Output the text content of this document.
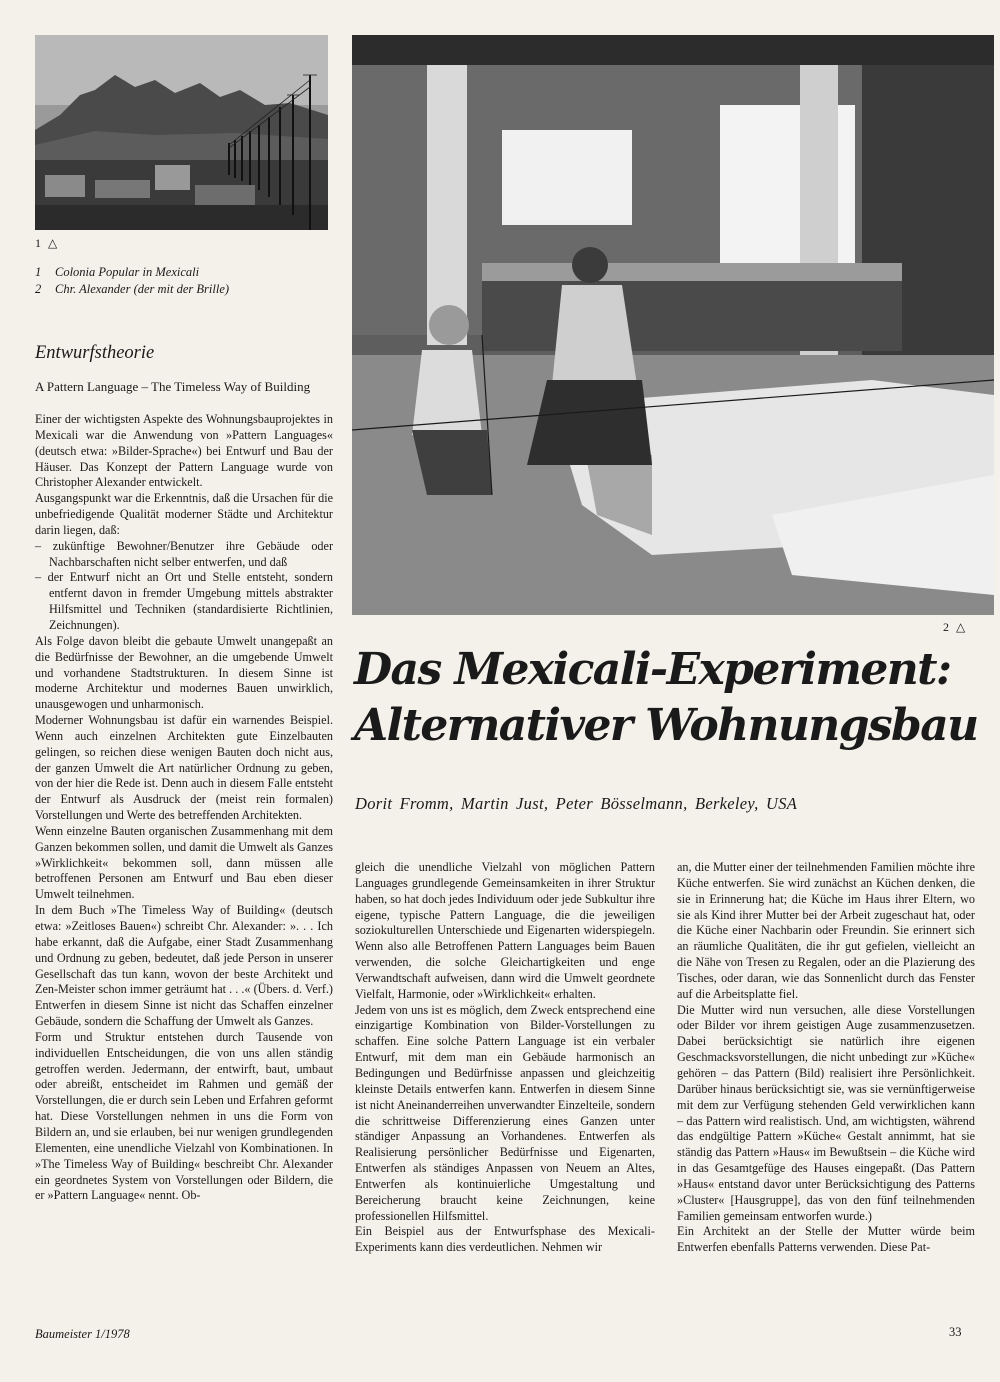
1 △
2 △
1 Colonia Popular in Mexicali
2 Chr. Alexander (der mit der Brille)
Entwurfstheorie
A Pattern Language – The Timeless Way of Building

Einer der wichtigsten Aspekte des Wohnungsbauprojektes in Mexicali war die Anwendung von »Pattern Languages« (deutsch etwa: »Bilder-Sprache«) bei Entwurf und Bau der Häuser. Das Konzept der Pattern Language wurde von Christopher Alexander entwickelt.

Ausgangspunkt war die Erkenntnis, daß die Ursachen für die unbefriedigende Qualität moderner Städte und Architektur darin liegen, daß:

– zukünftige Bewohner/Benutzer ihre Gebäude oder Nachbarschaften nicht selber entwerfen, und daß

– der Entwurf nicht an Ort und Stelle entsteht, sondern entfernt davon in fremder Umgebung mittels abstrakter Hilfsmittel und Techniken (standardisierte Richtlinien, Zeichnungen).

Als Folge davon bleibt die gebaute Umwelt unangepaßt an die Bedürfnisse der Bewohner, an die umgebende Umwelt und vorhandene Stadtstrukturen. In diesem Sinne ist moderne Architektur und modernes Bauen unwirklich, unausgewogen und unharmonisch.

Moderner Wohnungsbau ist dafür ein warnendes Beispiel. Wenn auch einzelnen Architekten gute Einzelbauten gelingen, so reichen diese wenigen Bauten doch nicht aus, der ganzen Umwelt die Art natürlicher Ordnung zu geben, von der hier die Rede ist. Denn auch in diesem Falle entsteht der Entwurf als Ausdruck der (meist rein formalen) Vorstellungen und Werte des betreffenden Architekten.

Wenn einzelne Bauten organischen Zusammenhang mit dem Ganzen bekommen sollen, und damit die Umwelt als Ganzes »Wirklichkeit« bekommen soll, dann müssen alle betroffenen Personen am Entwurf und Bau eben dieser Umwelt teilnehmen.

In dem Buch »The Timeless Way of Building« (deutsch etwa: »Zeitloses Bauen«) schreibt Chr. Alexander: ». . . Ich habe erkannt, daß die Aufgabe, einer Stadt Zusammenhang und Ordnung zu geben, bedeutet, daß jede Person in unserer Gesellschaft das tun kann, wovon der beste Architekt und Zen-Meister schon immer geträumt hat . . .« (Übers. d. Verf.) Entwerfen in diesem Sinne ist nicht das Schaffen einzelner Gebäude, sondern die Schaffung der Umwelt als Ganzes.

Form und Struktur entstehen durch Tausende von individuellen Entscheidungen, die von uns allen ständig getroffen werden. Jedermann, der entwirft, baut, umbaut oder abreißt, entscheidet im Rahmen und gemäß der Vorstellungen, die er durch sein Leben und Erfahren geformt hat. Diese Vorstellungen nehmen in uns die Form von Bildern an, und sie erlauben, bei nur wenigen grundlegenden Elementen, eine unendliche Vielzahl von Kombinationen. In »The Timeless Way of Building« beschreibt Chr. Alexander ein geordnetes System von Vorstellungen oder Bildern, die er »Pattern Language« nennt. Ob-

Das Mexicali-Experiment:
Alternativer Wohnungsbau
Dorit Fromm, Martin Just, Peter Bösselmann, Berkeley, USA

gleich die unendliche Vielzahl von möglichen Pattern Languages grundlegende Gemeinsamkeiten in ihrer Struktur haben, so hat doch jedes Individuum oder jede Subkultur ihre eigene, typische Pattern Language, die die jeweiligen soziokulturellen Unterschiede und Eigenarten widerspiegeln. Wenn also alle Betroffenen Pattern Languages beim Bauen verwenden, die solche Gleichartigkeiten und enge Verwandtschaft aufweisen, dann wird die Umwelt geordnete Vielfalt, Harmonie, oder »Wirklichkeit« erhalten.

Jedem von uns ist es möglich, dem Zweck entsprechend eine einzigartige Kombination von Bilder-Vorstellungen zu schaffen. Eine solche Pattern Language ist ein verbaler Entwurf, mit dem man ein Gebäude harmonisch an Bedingungen und Bedürfnisse anpassen und gleichzeitig kleinste Details entwerfen kann. Entwerfen in diesem Sinne ist nicht Aneinanderreihen unverwandter Einzelteile, sondern die schrittweise Differenzierung eines Ganzen unter ständiger Anpassung an Vorhandenes. Entwerfen als Realisierung persönlicher Bedürfnisse und Eigenarten, Entwerfen als ständiges Anpassen von Neuem an Altes, Entwerfen als kontinuierliche Umgestaltung und Bereicherung braucht keine Zeichnungen, keine professionellen Hilfsmittel.

Ein Beispiel aus der Entwurfsphase des Mexicali-Experiments kann dies verdeutlichen. Nehmen wir

an, die Mutter einer der teilnehmenden Familien möchte ihre Küche entwerfen. Sie wird zunächst an Küchen denken, die sie in Erinnerung hat; die Küche im Haus ihrer Eltern, wo sie als Kind ihrer Mutter bei der Arbeit zugeschaut hat, oder die Küche einer Nachbarin oder Freundin. Sie erinnert sich an räumliche Qualitäten, die ihr gut gefielen, vielleicht an die Nähe von Tresen zu Regalen, oder an die Plazierung des Tisches, oder daran, wie das Sonnenlicht durch das Fenster auf die Arbeitsplatte fiel.

Die Mutter wird nun versuchen, alle diese Vorstellungen oder Bilder vor ihrem geistigen Auge zusammenzusetzen. Dabei berücksichtigt sie natürlich ihre eigenen Geschmacksvorstellungen, die nicht unbedingt zur »Küche« gehören – das Pattern (Bild) realisiert ihre Persönlichkeit. Darüber hinaus berücksichtigt sie, was sie vernünftigerweise mit dem zur Verfügung stehenden Geld verwirklichen kann – das Pattern wird realistisch. Und, am wichtigsten, während das endgültige Pattern »Küche« Gestalt annimmt, hat sie ständig das Pattern »Haus« im Bewußtsein – die Küche wird in das Gesamtgefüge des Hauses eingepaßt. (Das Pattern »Haus« entstand davor unter Berücksichtigung des Patterns »Cluster« [Hausgruppe], das von den fünf teilnehmenden Familien gemeinsam entworfen wurde.)

Ein Architekt an der Stelle der Mutter würde beim Entwerfen ebenfalls Patterns verwenden. Diese Pat-

Baumeister 1/1978	33
